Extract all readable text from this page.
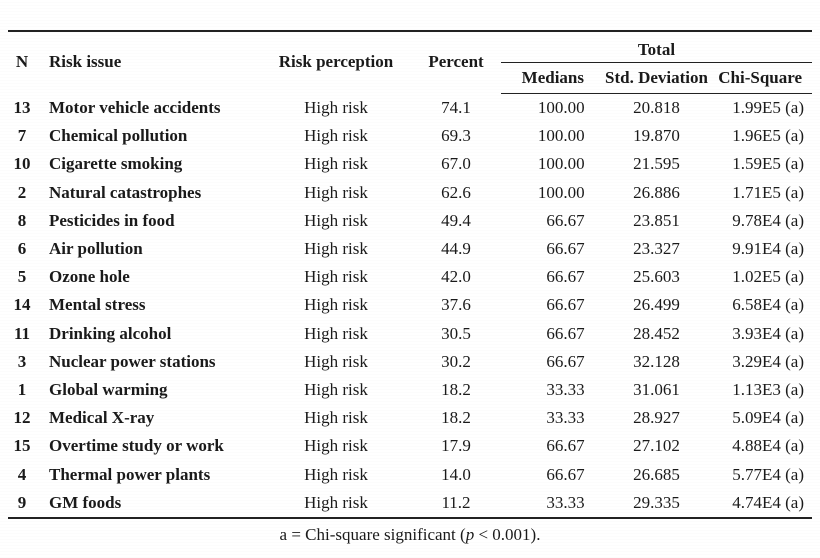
N	Risk issue	Risk perception	Percent	Total		
				Medians	Std. Deviation	Chi-Square
13	Motor vehicle accidents	High risk	74.1	100.00	20.818	1.99E5 (a)
7	Chemical pollution	High risk	69.3	100.00	19.870	1.96E5 (a)
10	Cigarette smoking	High risk	67.0	100.00	21.595	1.59E5 (a)
2	Natural catastrophes	High risk	62.6	100.00	26.886	1.71E5 (a)
8	Pesticides in food	High risk	49.4	66.67	23.851	9.78E4 (a)
6	Air pollution	High risk	44.9	66.67	23.327	9.91E4 (a)
5	Ozone hole	High risk	42.0	66.67	25.603	1.02E5 (a)
14	Mental stress	High risk	37.6	66.67	26.499	6.58E4 (a)
11	Drinking alcohol	High risk	30.5	66.67	28.452	3.93E4 (a)
3	Nuclear power stations	High risk	30.2	66.67	32.128	3.29E4 (a)
1	Global warming	High risk	18.2	33.33	31.061	1.13E3 (a)
12	Medical X-ray	High risk	18.2	33.33	28.927	5.09E4 (a)
15	Overtime study or work	High risk	17.9	66.67	27.102	4.88E4 (a)
4	Thermal power plants	High risk	14.0	66.67	26.685	5.77E4 (a)
9	GM foods	High risk	11.2	33.33	29.335	4.74E4 (a)
a = Chi-square significant (p < 0.001).
